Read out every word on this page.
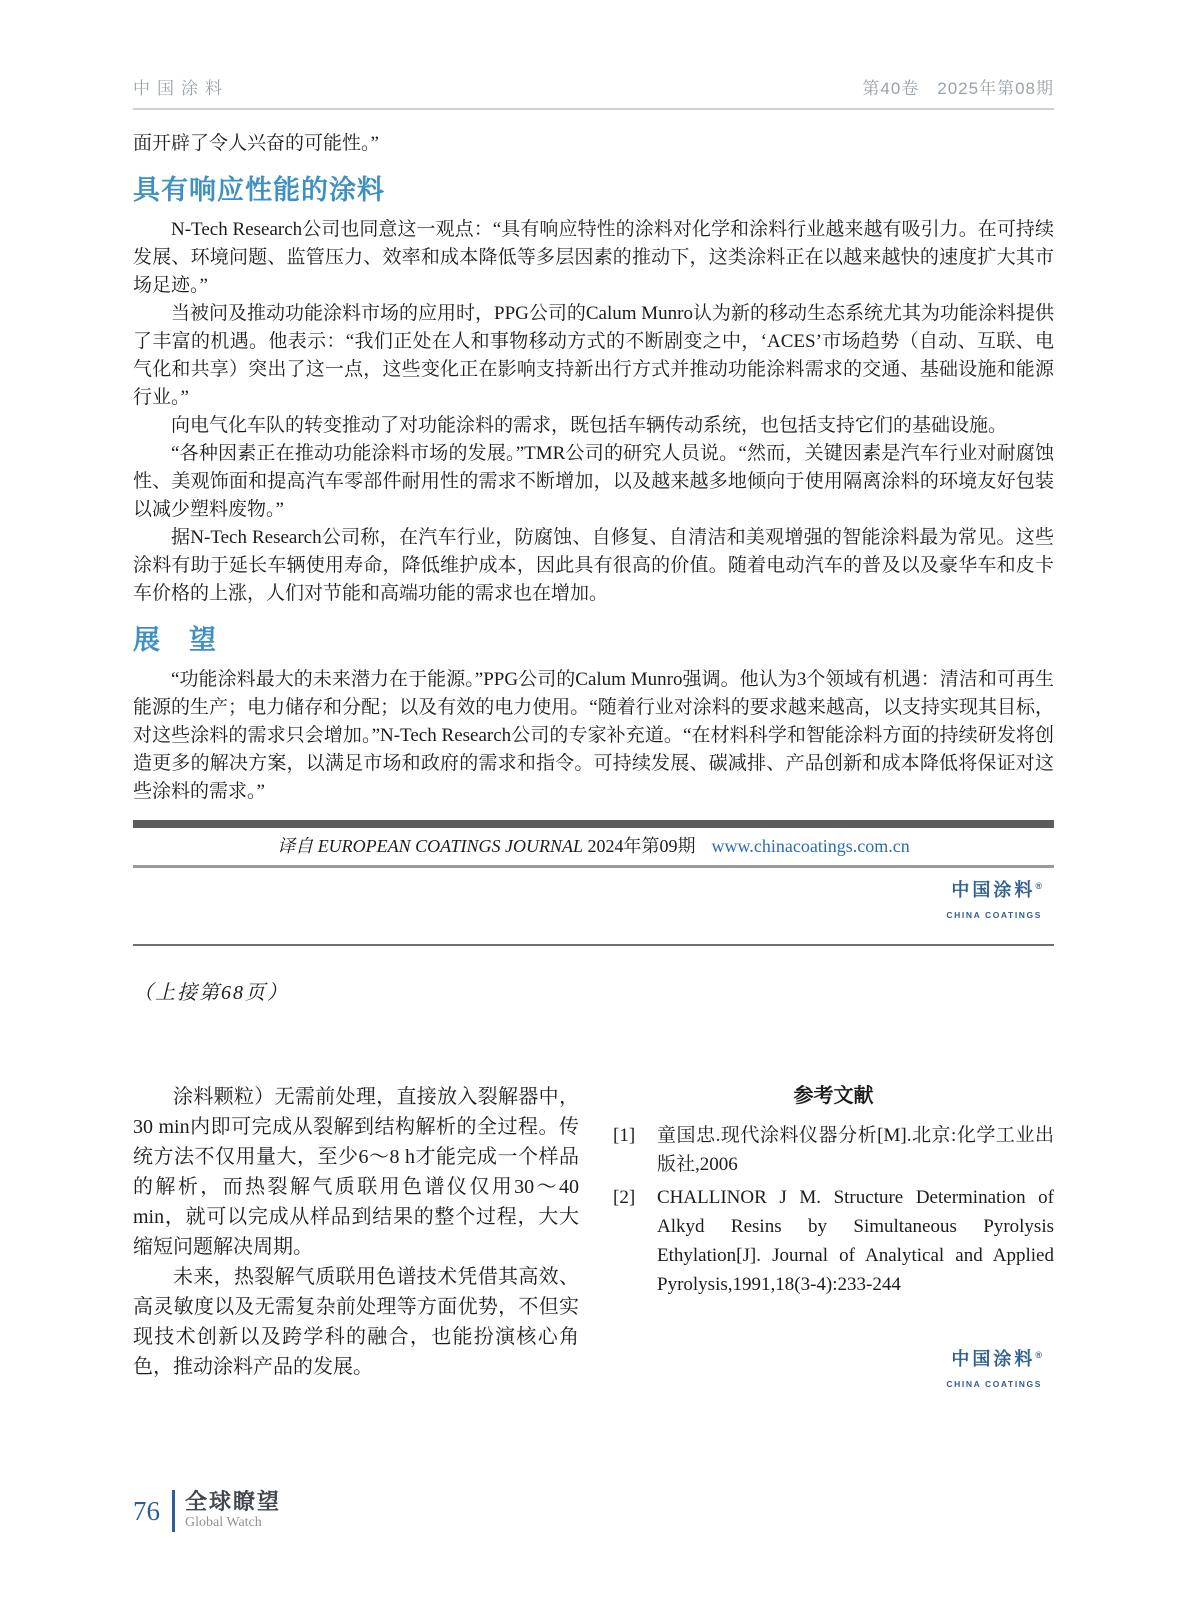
中国涂料	第40卷　2025年第08期

面开辟了令人兴奋的可能性。”

具有响应性能的涂料

N-Tech Research公司也同意这一观点：“具有响应特性的涂料对化学和涂料行业越来越有吸引力。在可持续发展、环境问题、监管压力、效率和成本降低等多层因素的推动下，这类涂料正在以越来越快的速度扩大其市场足迹。”

当被问及推动功能涂料市场的应用时，PPG公司的Calum Munro认为新的移动生态系统尤其为功能涂料提供了丰富的机遇。他表示：“我们正处在人和事物移动方式的不断剧变之中，‘ACES’市场趋势（自动、互联、电气化和共享）突出了这一点，这些变化正在影响支持新出行方式并推动功能涂料需求的交通、基础设施和能源行业。”

向电气化车队的转变推动了对功能涂料的需求，既包括车辆传动系统，也包括支持它们的基础设施。

“各种因素正在推动功能涂料市场的发展。”TMR公司的研究人员说。“然而，关键因素是汽车行业对耐腐蚀性、美观饰面和提高汽车零部件耐用性的需求不断增加，以及越来越多地倾向于使用隔离涂料的环境友好包装以减少塑料废物。”

据N-Tech Research公司称，在汽车行业，防腐蚀、自修复、自清洁和美观增强的智能涂料最为常见。这些涂料有助于延长车辆使用寿命，降低维护成本，因此具有很高的价值。随着电动汽车的普及以及豪华车和皮卡车价格的上涨，人们对节能和高端功能的需求也在增加。

展　望

“功能涂料最大的未来潜力在于能源。”PPG公司的Calum Munro强调。他认为3个领域有机遇：清洁和可再生能源的生产；电力储存和分配；以及有效的电力使用。“随着行业对涂料的要求越来越高，以支持实现其目标，对这些涂料的需求只会增加。”N-Tech Research公司的专家补充道。“在材料科学和智能涂料方面的持续研发将创造更多的解决方案，以满足市场和政府的需求和指令。可持续发展、碳减排、产品创新和成本降低将保证对这些涂料的需求。”

译自 EUROPEAN COATINGS JOURNAL 2024年第09期 www.chinacoatings.com.cn
中国涂料®
CHINA COATINGS

（上接第68页）

涂料颗粒）无需前处理，直接放入裂解器中，30 min内即可完成从裂解到结构解析的全过程。传统方法不仅用量大，至少6～8 h才能完成一个样品的解析，而热裂解气质联用色谱仪仅用30～40 min，就可以完成从样品到结果的整个过程，大大缩短问题解决周期。

未来，热裂解气质联用色谱技术凭借其高效、高灵敏度以及无需复杂前处理等方面优势，不但实现技术创新以及跨学科的融合，也能扮演核心角色，推动涂料产品的发展。

参考文献
[1]	童国忠.现代涂料仪器分析[M].北京:化学工业出版社,2006
[2]	CHALLINOR J M. Structure Determination of Alkyd Resins by Simultaneous Pyrolysis Ethylation[J]. Journal of Analytical and Applied Pyrolysis,1991,18(3-4):233-244
中国涂料®
CHINA COATINGS
76 全球瞭望
Global Watch
